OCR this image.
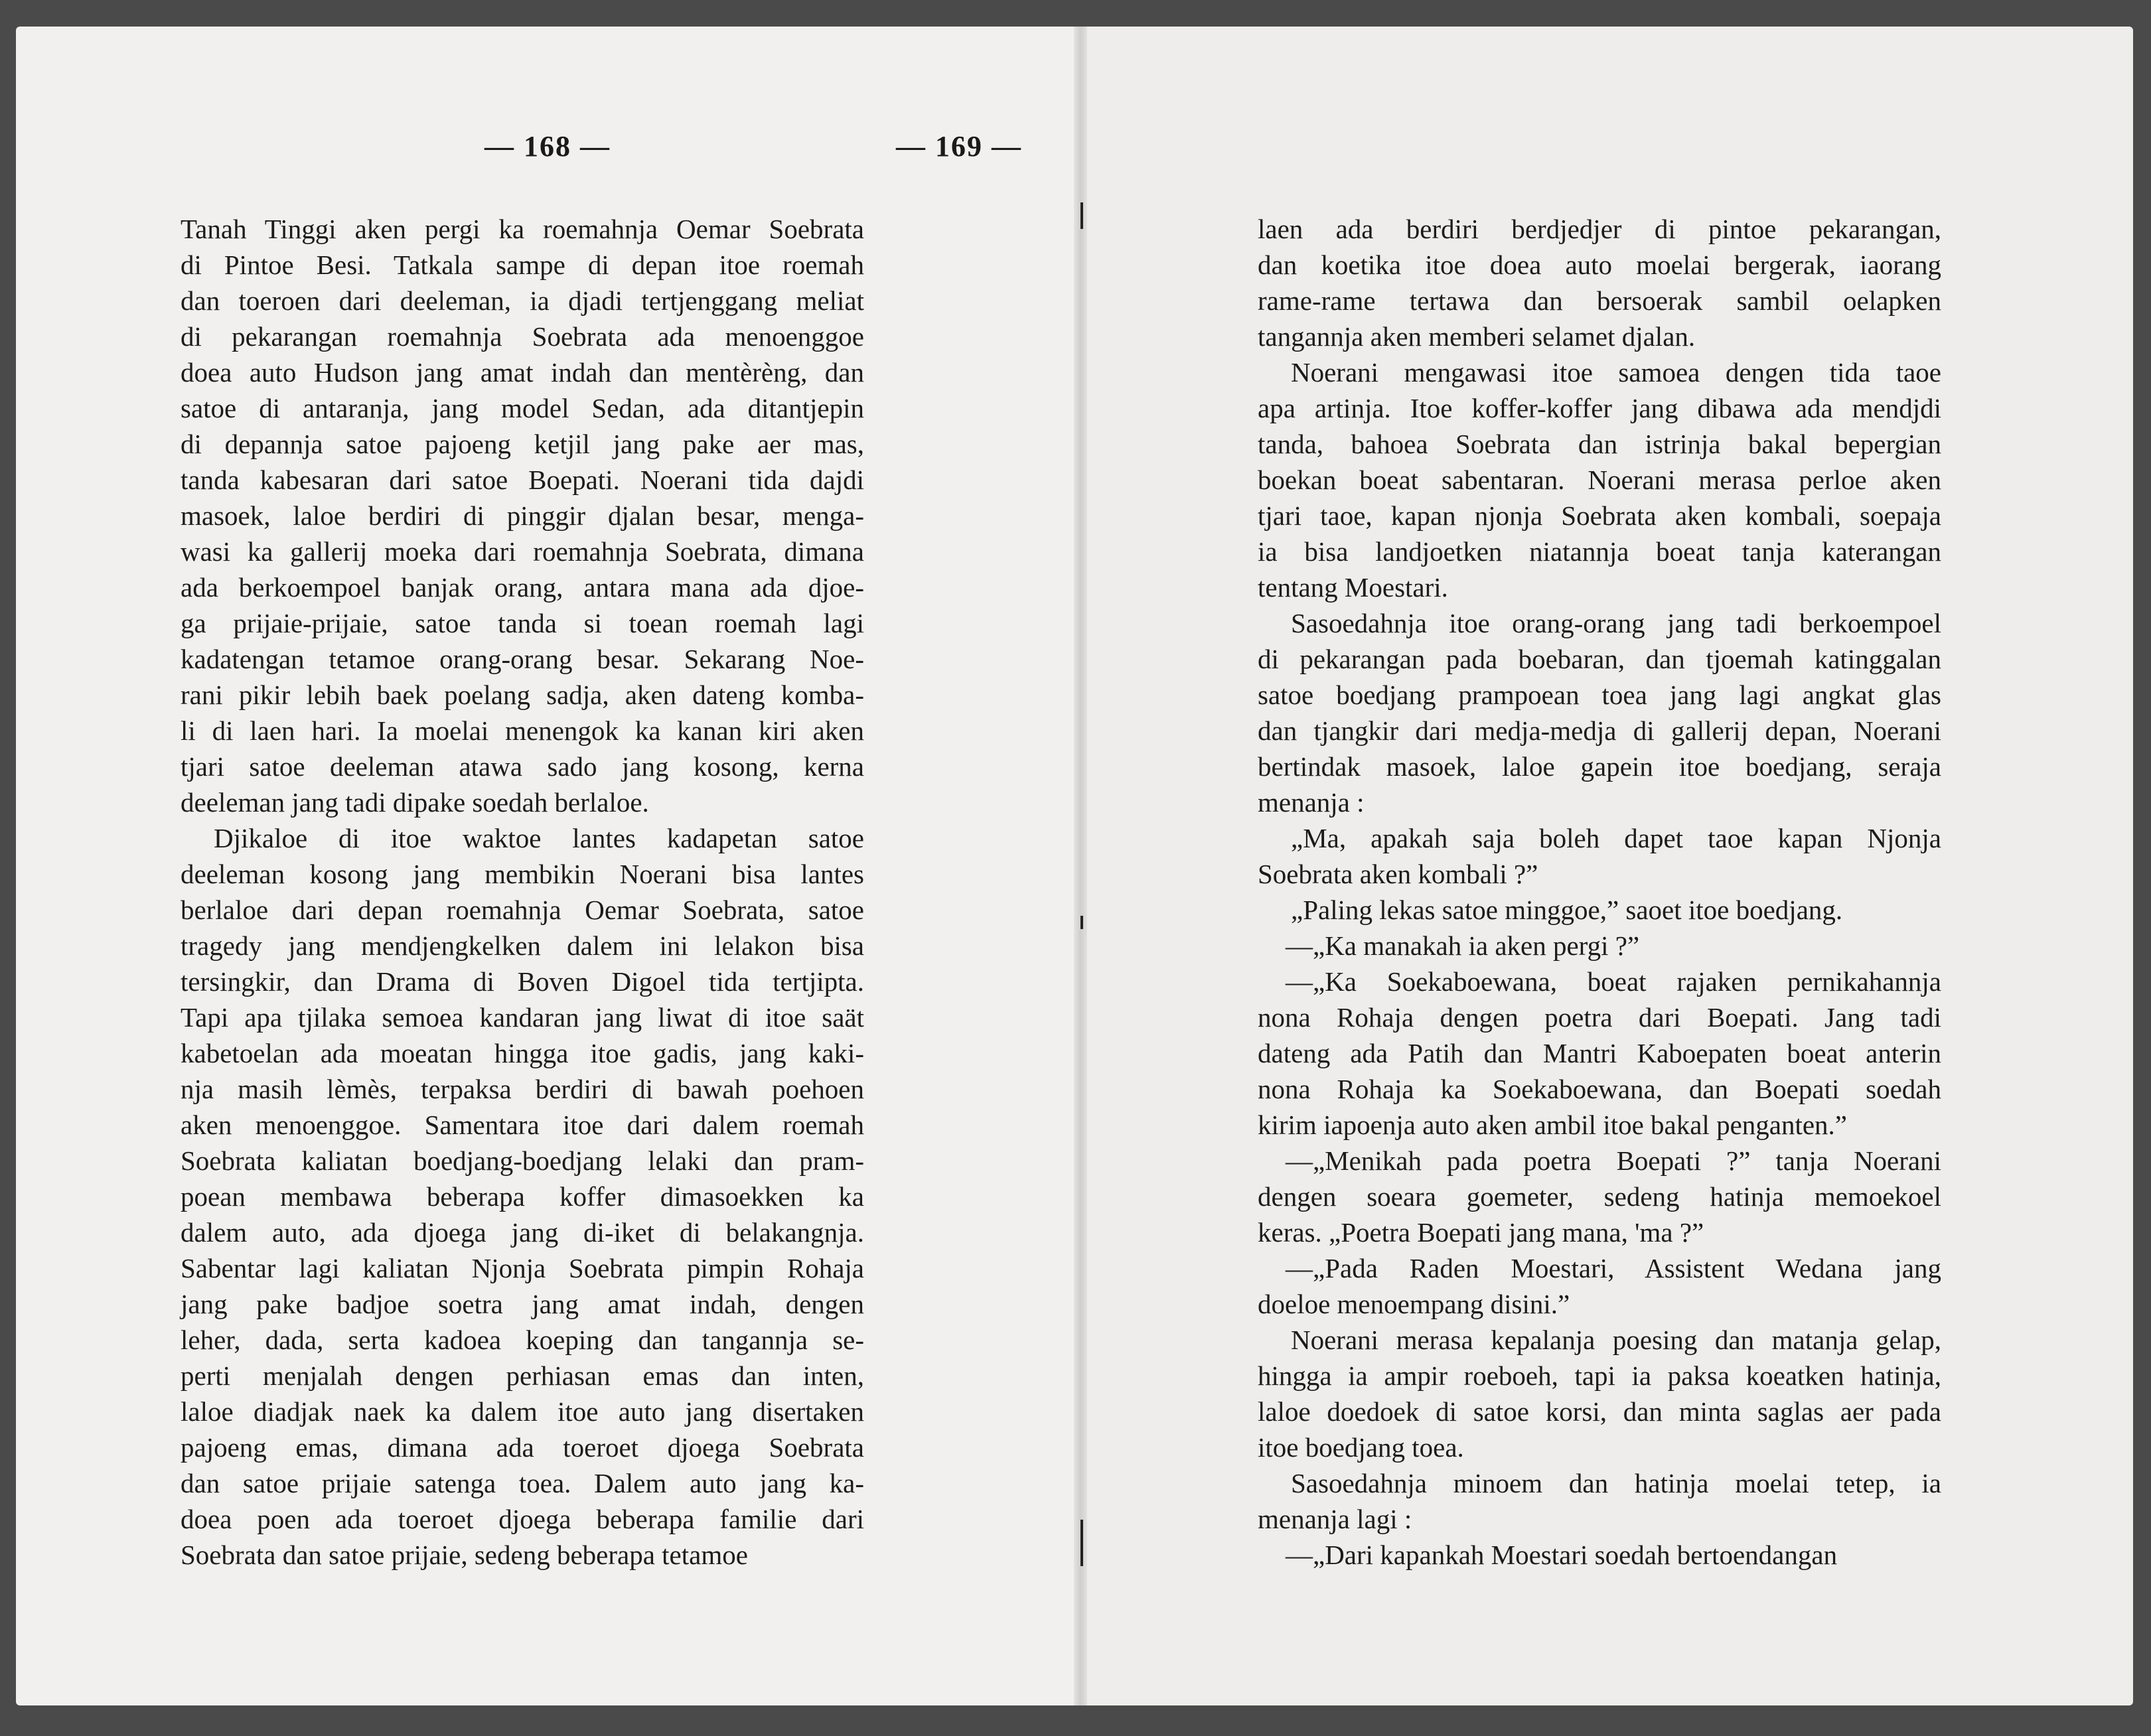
— 168 —	— 169 —
Tanah Tinggi aken pergi ka roemahnja Oemar Soebrata
di Pintoe Besi. Tatkala sampe di depan itoe roemah
dan toeroen dari deeleman, ia djadi tertjenggang meliat
di pekarangan roemahnja Soebrata ada menoenggoe
doea auto Hudson jang amat indah dan mentèrèng, dan
satoe di antaranja, jang model Sedan, ada ditantjepin
di depannja satoe pajoeng ketjil jang pake aer mas,
tanda kabesaran dari satoe Boepati. Noerani tida dajdi
masoek, laloe berdiri di pinggir djalan besar, menga-
wasi ka gallerij moeka dari roemahnja Soebrata, dimana
ada berkoempoel banjak orang, antara mana ada djoe-
ga prijaie-prijaie, satoe tanda si toean roemah lagi
kadatengan tetamoe orang-orang besar. Sekarang Noe-
rani pikir lebih baek poelang sadja, aken dateng komba-
li di laen hari. Ia moelai menengok ka kanan kiri aken
tjari satoe deeleman atawa sado jang kosong, kerna
deeleman jang tadi dipake soedah berlaloe.
Djikaloe di itoe waktoe lantes kadapetan satoe
deeleman kosong jang membikin Noerani bisa lantes
berlaloe dari depan roemahnja Oemar Soebrata, satoe
tragedy jang mendjengkelken dalem ini lelakon bisa
tersingkir, dan Drama di Boven Digoel tida tertjipta.
Tapi apa tjilaka semoea kandaran jang liwat di itoe saät
kabetoelan ada moeatan hingga itoe gadis, jang kaki-
nja masih lèmès, terpaksa berdiri di bawah poehoen
aken menoenggoe. Samentara itoe dari dalem roemah
Soebrata kaliatan boedjang-boedjang lelaki dan pram-
poean membawa beberapa koffer dimasoekken ka
dalem auto, ada djoega jang di-iket di belakangnja.
Sabentar lagi kaliatan Njonja Soebrata pimpin Rohaja
jang pake badjoe soetra jang amat indah, dengen
leher, dada, serta kadoea koeping dan tangannja se-
perti menjalah dengen perhiasan emas dan inten,
laloe diadjak naek ka dalem itoe auto jang disertaken
pajoeng emas, dimana ada toeroet djoega Soebrata
dan satoe prijaie satenga toea. Dalem auto jang ka-
doea poen ada toeroet djoega beberapa familie dari
Soebrata dan satoe prijaie, sedeng beberapa tetamoe
laen ada berdiri berdjedjer di pintoe pekarangan,
dan koetika itoe doea auto moelai bergerak, iaorang
rame-rame tertawa dan bersoerak sambil oelapken
tangannja aken memberi selamet djalan.
Noerani mengawasi itoe samoea dengen tida taoe
apa artinja. Itoe koffer-koffer jang dibawa ada mendjdi
tanda, bahoea Soebrata dan istrinja bakal bepergian
boekan boeat sabentaran. Noerani merasa perloe aken
tjari taoe, kapan njonja Soebrata aken kombali, soepaja
ia bisa landjoetken niatannja boeat tanja katerangan
tentang Moestari.
Sasoedahnja itoe orang-orang jang tadi berkoempoel
di pekarangan pada boebaran, dan tjoemah katinggalan
satoe boedjang prampoean toea jang lagi angkat glas
dan tjangkir dari medja-medja di gallerij depan, Noerani
bertindak masoek, laloe gapein itoe boedjang, seraja
menanja :
„Ma, apakah saja boleh dapet taoe kapan Njonja
Soebrata aken kombali ?”
„Paling lekas satoe minggoe,” saoet itoe boedjang.
—„Ka manakah ia aken pergi ?”
—„Ka Soekaboewana, boeat rajaken pernikahannja
nona Rohaja dengen poetra dari Boepati. Jang tadi
dateng ada Patih dan Mantri Kaboepaten boeat anterin
nona Rohaja ka Soekaboewana, dan Boepati soedah
kirim iapoenja auto aken ambil itoe bakal penganten.”
—„Menikah pada poetra Boepati ?” tanja Noerani
dengen soeara goemeter, sedeng hatinja memoekoel
keras. „Poetra Boepati jang mana, 'ma ?”
—„Pada Raden Moestari, Assistent Wedana jang
doeloe menoempang disini.”
Noerani merasa kepalanja poesing dan matanja gelap,
hingga ia ampir roeboeh, tapi ia paksa koeatken hatinja,
laloe doedoek di satoe korsi, dan minta saglas aer pada
itoe boedjang toea.
Sasoedahnja minoem dan hatinja moelai tetep, ia
menanja lagi :
—„Dari kapankah Moestari soedah bertoendangan
